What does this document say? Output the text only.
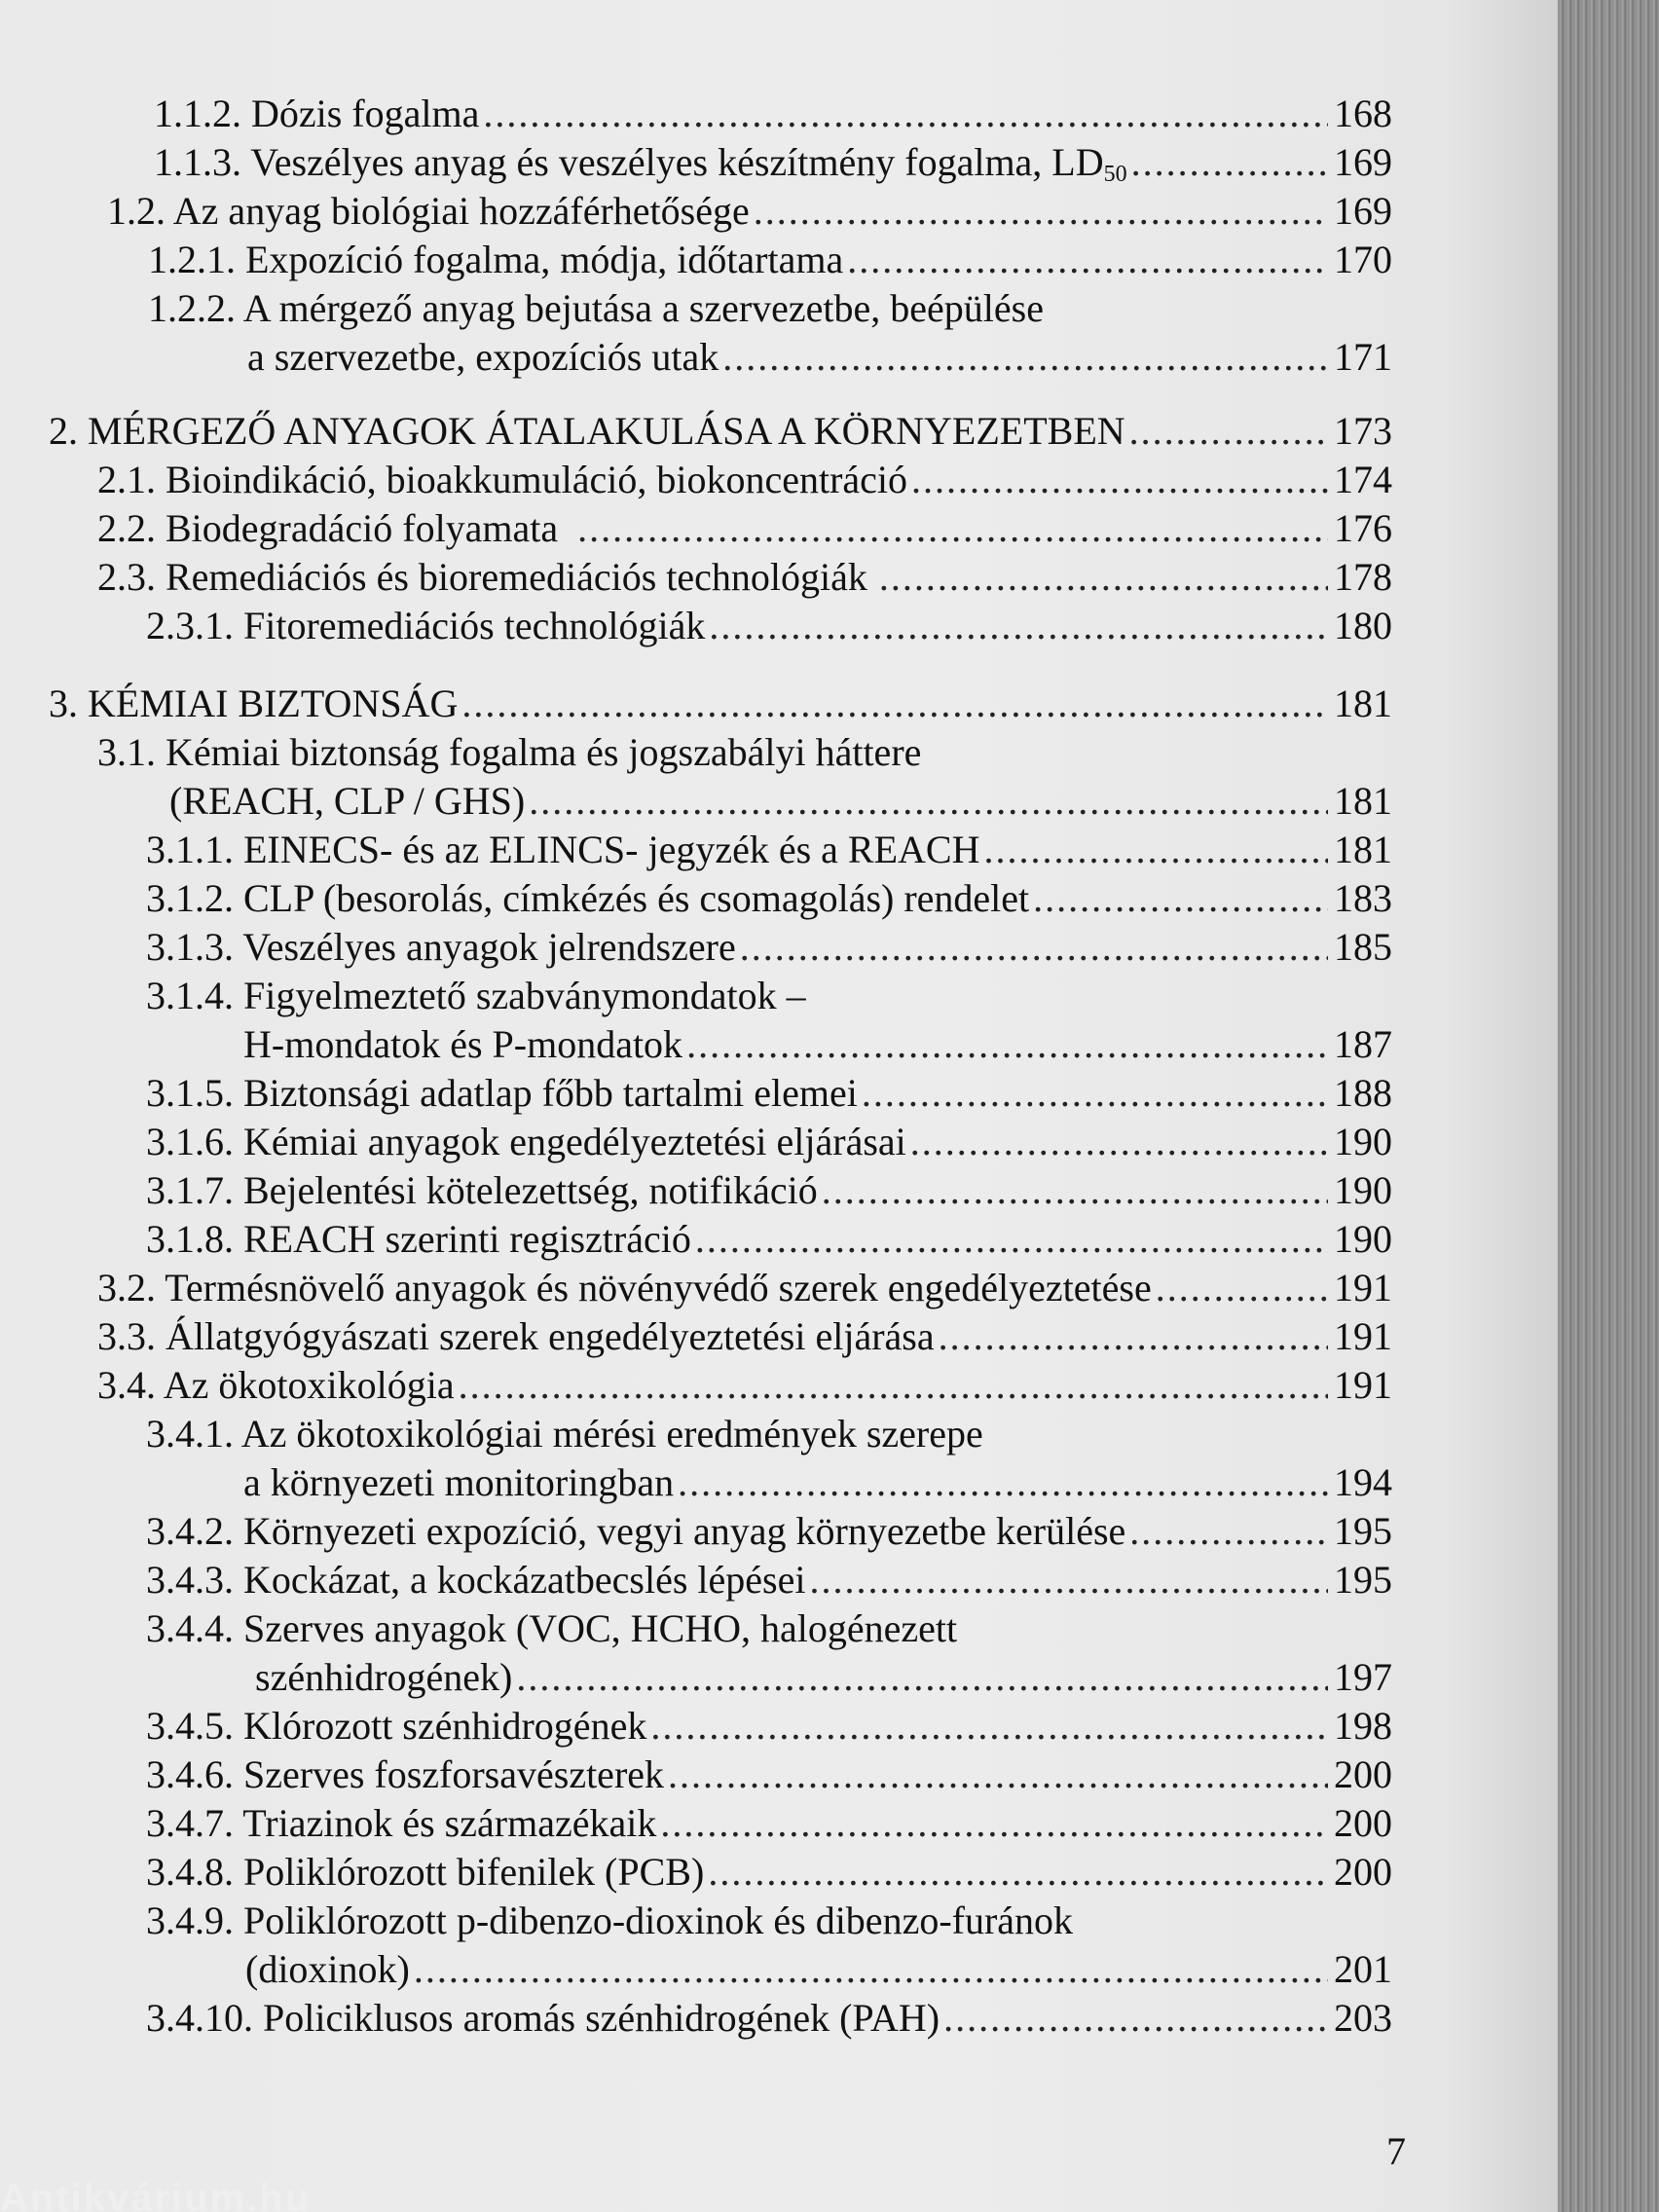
1.1.2. Dózis fogalma .....	168
1.1.3. Veszélyes anyag és veszélyes készítmény fogalma, $LD_{50}$ .....	169
1.2. Az anyag biológiai hozzáférhetősége .....	169
1.2.1. Expozíció fogalma, módja, időtartama .....	170
1.2.2. A mérgező anyag bejutása a szervezetbe, beépülése
a szervezetbe, expozíciós utak .....	171
2. MÉRGEZŐ ANYAGOK ÁTALAKULÁSA A KÖRNYEZETBEN .....	173
2.1. Bioindikáció, bioakkumuláció, biokoncentráció .....	174
2.2. Biodegradáció folyamata .....	176
2.3. Remediációs és bioremediációs technológiák .....	178
2.3.1. Fitoremediációs technológiák .....	180
3. KÉMIAI BIZTONSÁG .....	181
3.1. Kémiai biztonság fogalma és jogszabályi háttere
(REACH, CLP / GHS) .....	181
3.1.1. EINECS- és az ELINCS- jegyzék és a REACH .....	181
3.1.2. CLP (besorolás, címkézés és csomagolás) rendelet .....	183
3.1.3. Veszélyes anyagok jelrendszere .....	185
3.1.4. Figyelmeztető szabványmondatok –
H-mondatok és P-mondatok .....	187
3.1.5. Biztonsági adatlap főbb tartalmi elemei .....	188
3.1.6. Kémiai anyagok engedélyeztetési eljárásai .....	190
3.1.7. Bejelentési kötelezettség, notifikáció .....	190
3.1.8. REACH szerinti regisztráció .....	190
3.2. Termésnövelő anyagok és növényvédő szerek engedélyeztetése .....	191
3.3. Állatgyógyászati szerek engedélyeztetési eljárása .....	191
3.4. Az ökotoxikológia .....	191
3.4.1. Az ökotoxikológiai mérési eredmények szerepe
a környezeti monitoringban .....	194
3.4.2. Környezeti expozíció, vegyi anyag környezetbe kerülése .....	195
3.4.3. Kockázat, a kockázatbecslés lépései .....	195
3.4.4. Szerves anyagok (VOC, HCHO, halogénezett
szénhidrogének) .....	197
3.4.5. Klórozott szénhidrogének .....	198
3.4.6. Szerves foszforsavészterek .....	200
3.4.7. Triazinok és származékaik .....	200
3.4.8. Poliklórozott bifenilek (PCB) .....	200
3.4.9. Poliklórozott p-dibenzo-dioxinok és dibenzo-furánok
(dioxinok) .....	201
3.4.10. Policiklusos aromás szénhidrogének (PAH) .....	203
7
Antikvárium.hu
